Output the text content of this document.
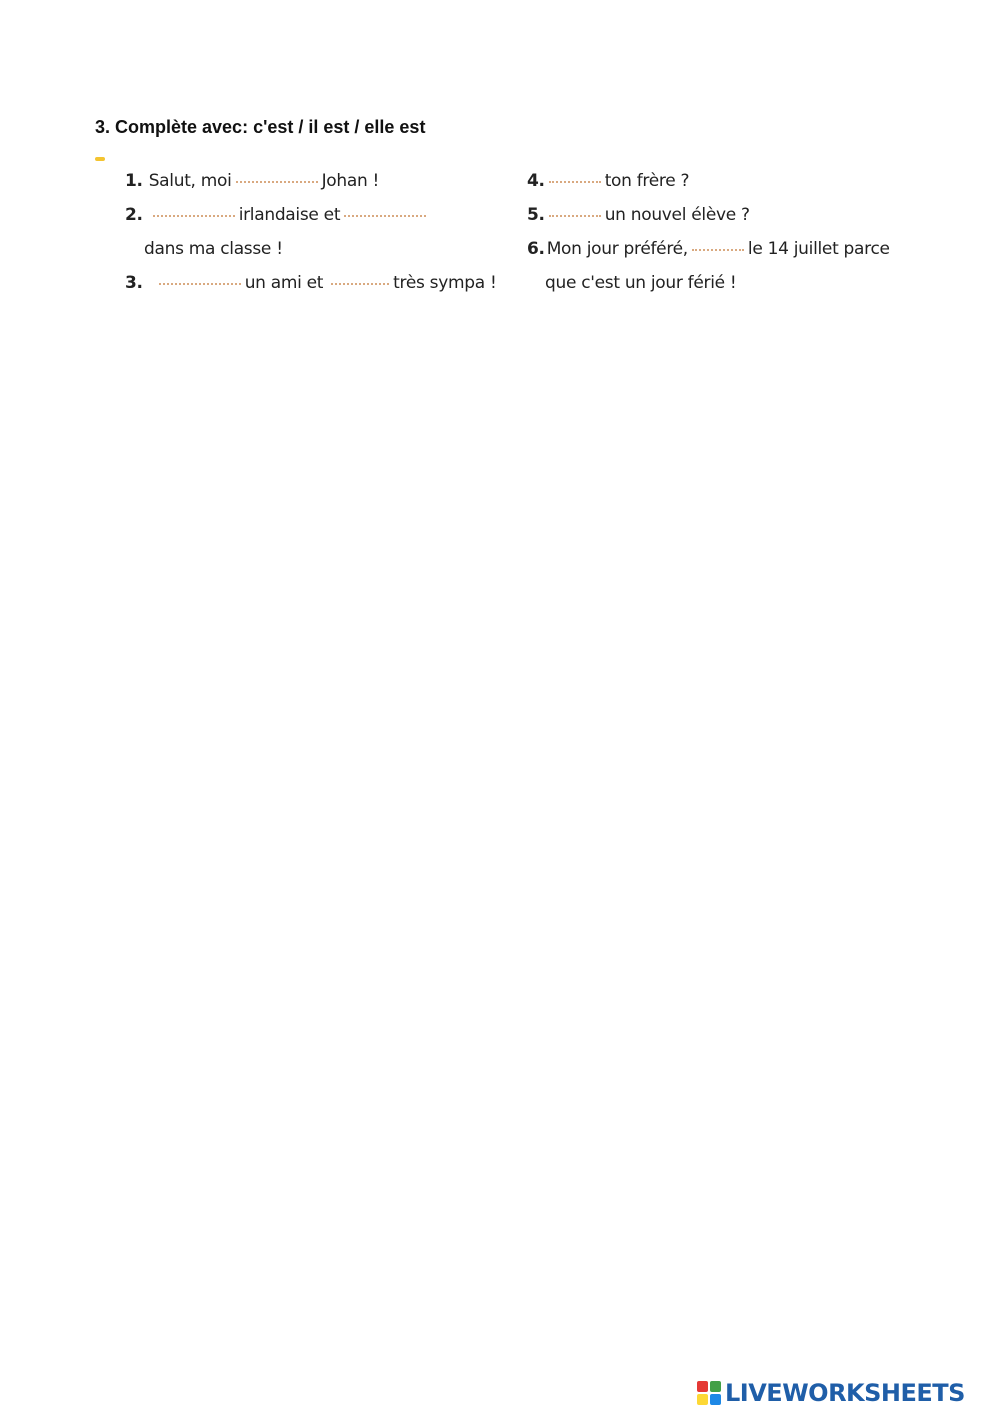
3. Complète avec: c'est / il est / elle est
1. Salut, moi	Johan !
2.	irlandaise et
dans ma classe !
3.	un ami et	très sympa !
4.	ton frère ?
5.	un nouvel élève ?
6. Mon jour préféré,	le 14 juillet parce
que c'est un jour férié !
LIVEWORKSHEETS
